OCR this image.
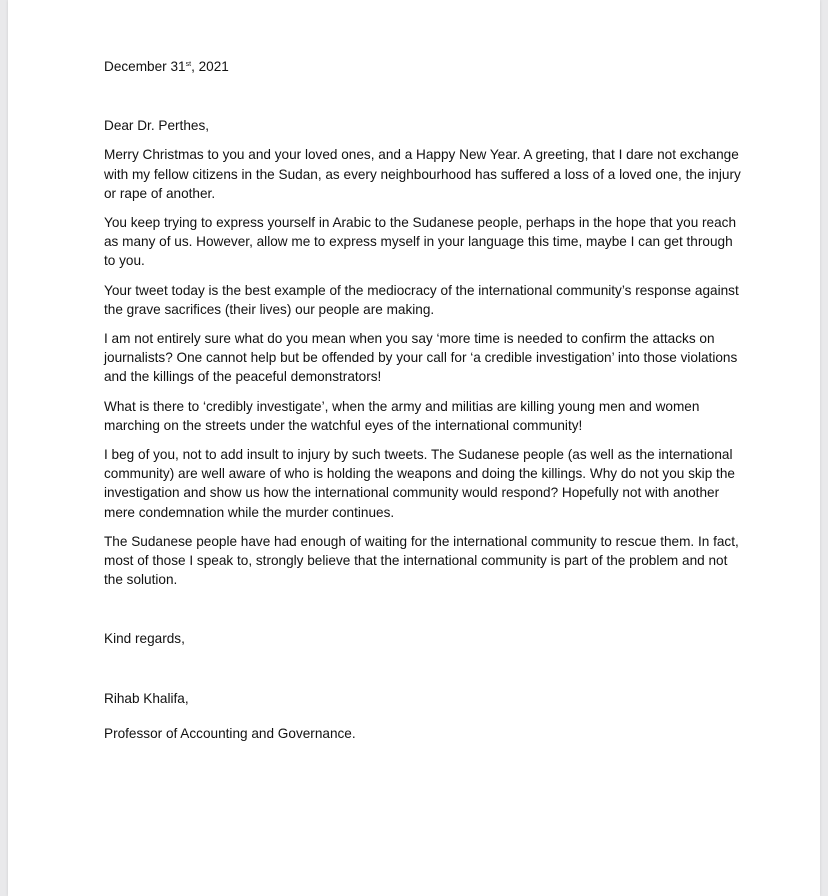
December 31st, 2021

Dear Dr. Perthes,

Merry Christmas to you and your loved ones, and a Happy New Year. A greeting, that I dare not exchange with my fellow citizens in the Sudan, as every neighbourhood has suffered a loss of a loved one, the injury or rape of another.

You keep trying to express yourself in Arabic to the Sudanese people, perhaps in the hope that you reach as many of us. However, allow me to express myself in your language this time, maybe I can get through to you.

Your tweet today is the best example of the mediocracy of the international community’s response against the grave sacrifices (their lives) our people are making.

I am not entirely sure what do you mean when you say ‘more time is needed to confirm the attacks on journalists? One cannot help but be offended by your call for ‘a credible investigation’ into those violations and the killings of the peaceful demonstrators!

What is there to ‘credibly investigate’, when the army and militias are killing young men and women marching on the streets under the watchful eyes of the international community!

I beg of you, not to add insult to injury by such tweets. The Sudanese people (as well as the international community) are well aware of who is holding the weapons and doing the killings. Why do not you skip the investigation and show us how the international community would respond? Hopefully not with another mere condemnation while the murder continues.

The Sudanese people have had enough of waiting for the international community to rescue them. In fact, most of those I speak to, strongly believe that the international community is part of the problem and not the solution.

Kind regards,

Rihab Khalifa,

Professor of Accounting and Governance.
